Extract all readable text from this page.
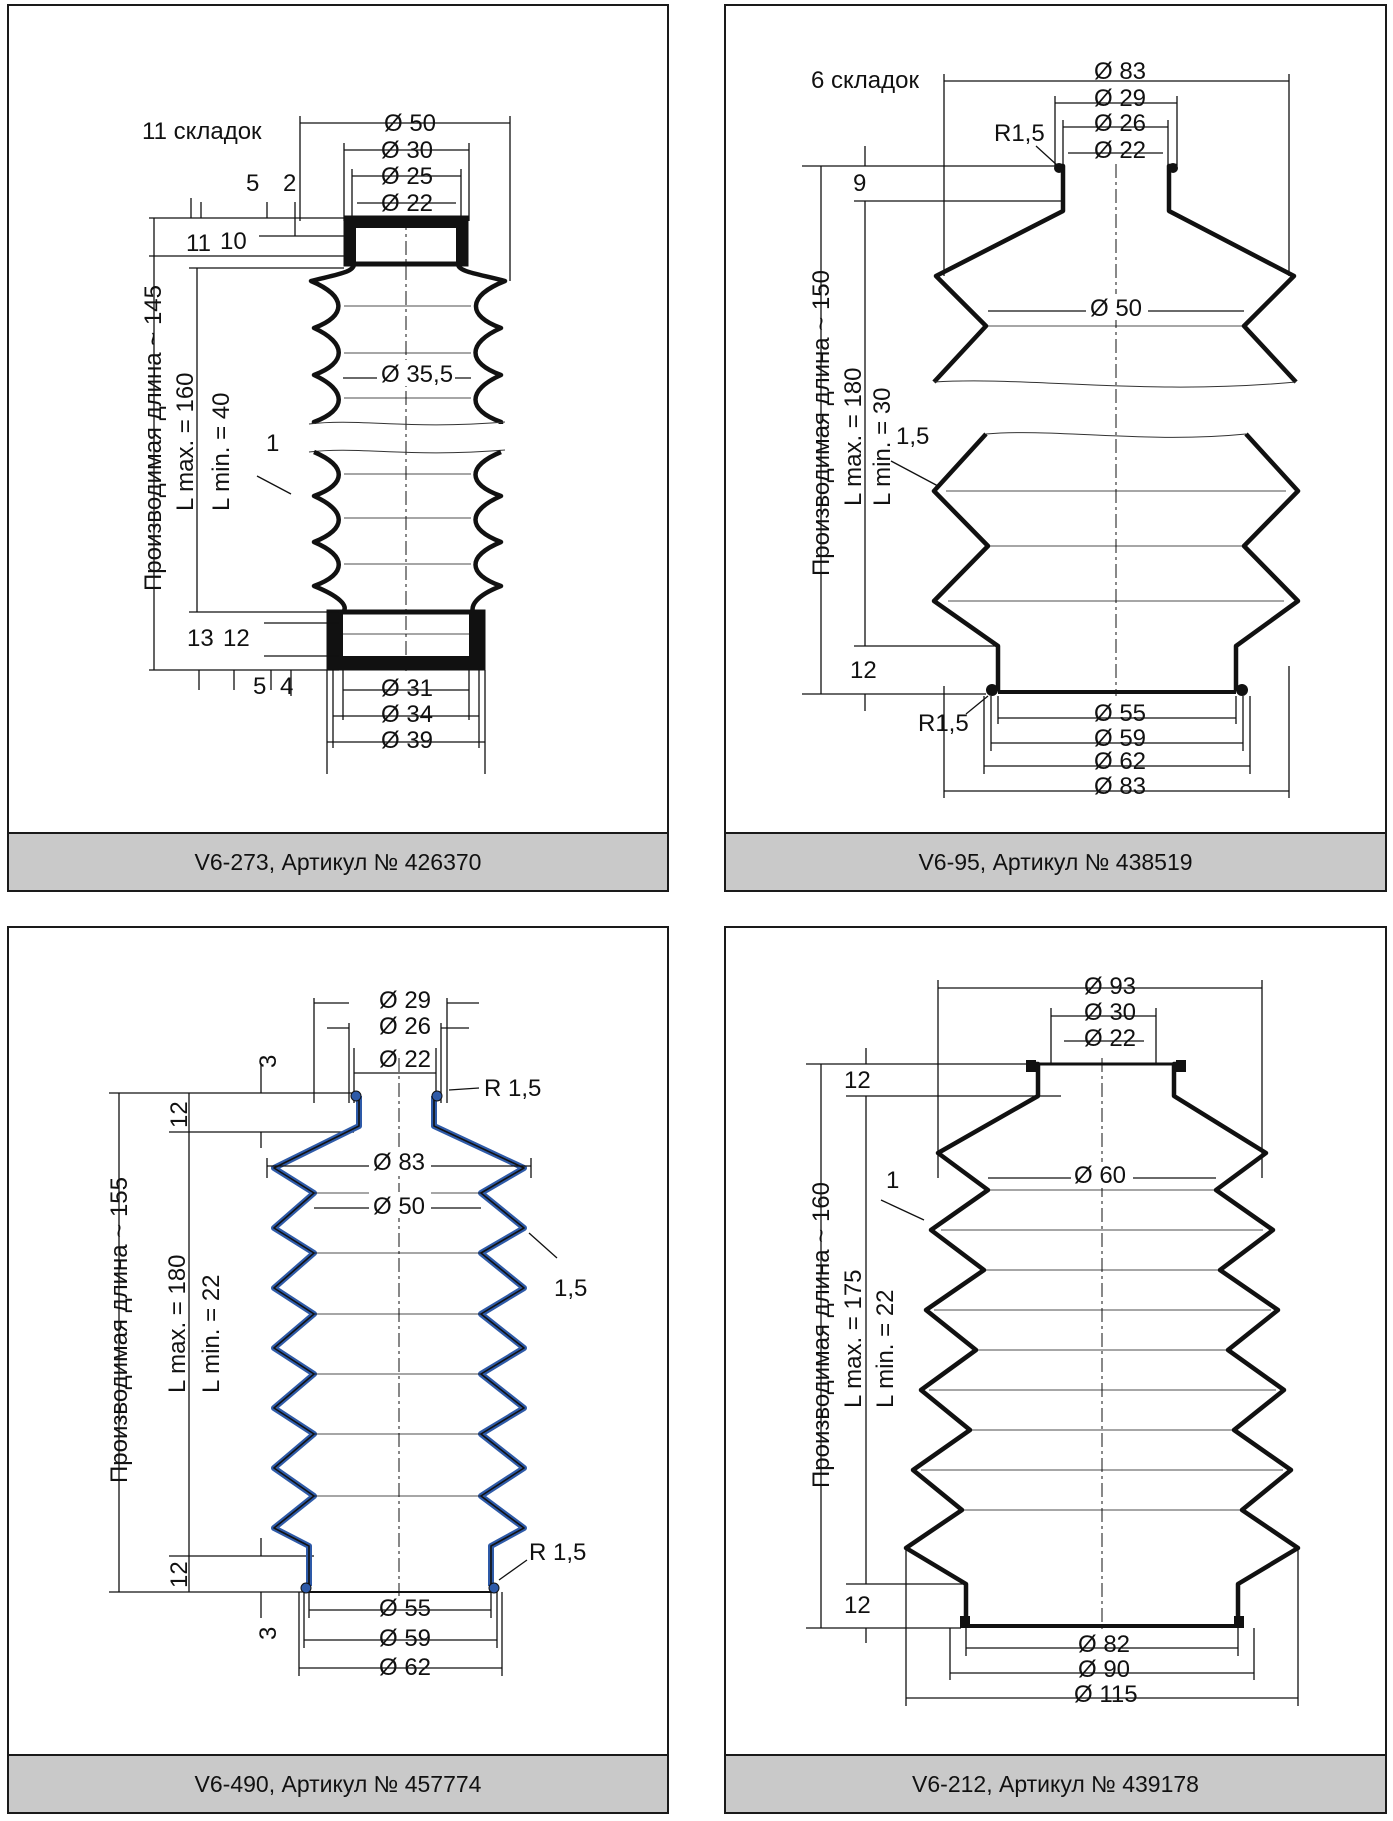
11 складок	Ø 50
Ø 30
Ø 25
Ø 22
5 2
11 10
Производимая длина ~ 145 L max. = 160 L min. = 40 1
Ø 35,5
13 12
5 4	Ø 31
Ø 34
Ø 39
V6-273, Артикул № 426370
6 складок	Ø 83
Ø 29
Ø 26
Ø 22
R1,5
9
12
Производимая длина ~ 150 L max. = 180 L min. = 30 1,5
Ø 50
R1,5	Ø 55
Ø 59
Ø 62
Ø 83
V6-95, Артикул № 438519
Ø 29
Ø 26
Ø 22
R 1,5
3
12
12
3
Производимая длина ~ 155 L max. = 180 L min. = 22
Ø 83
Ø 50
1,5
R 1,5
Ø 55
Ø 59
Ø 62
V6-490, Артикул № 457774
Ø 93
Ø 30
Ø 22
12
12
Производимая длина ~ 160 L max. = 175 L min. = 22
1	Ø 60
Ø 82
Ø 90
Ø 115
V6-212, Артикул № 439178
